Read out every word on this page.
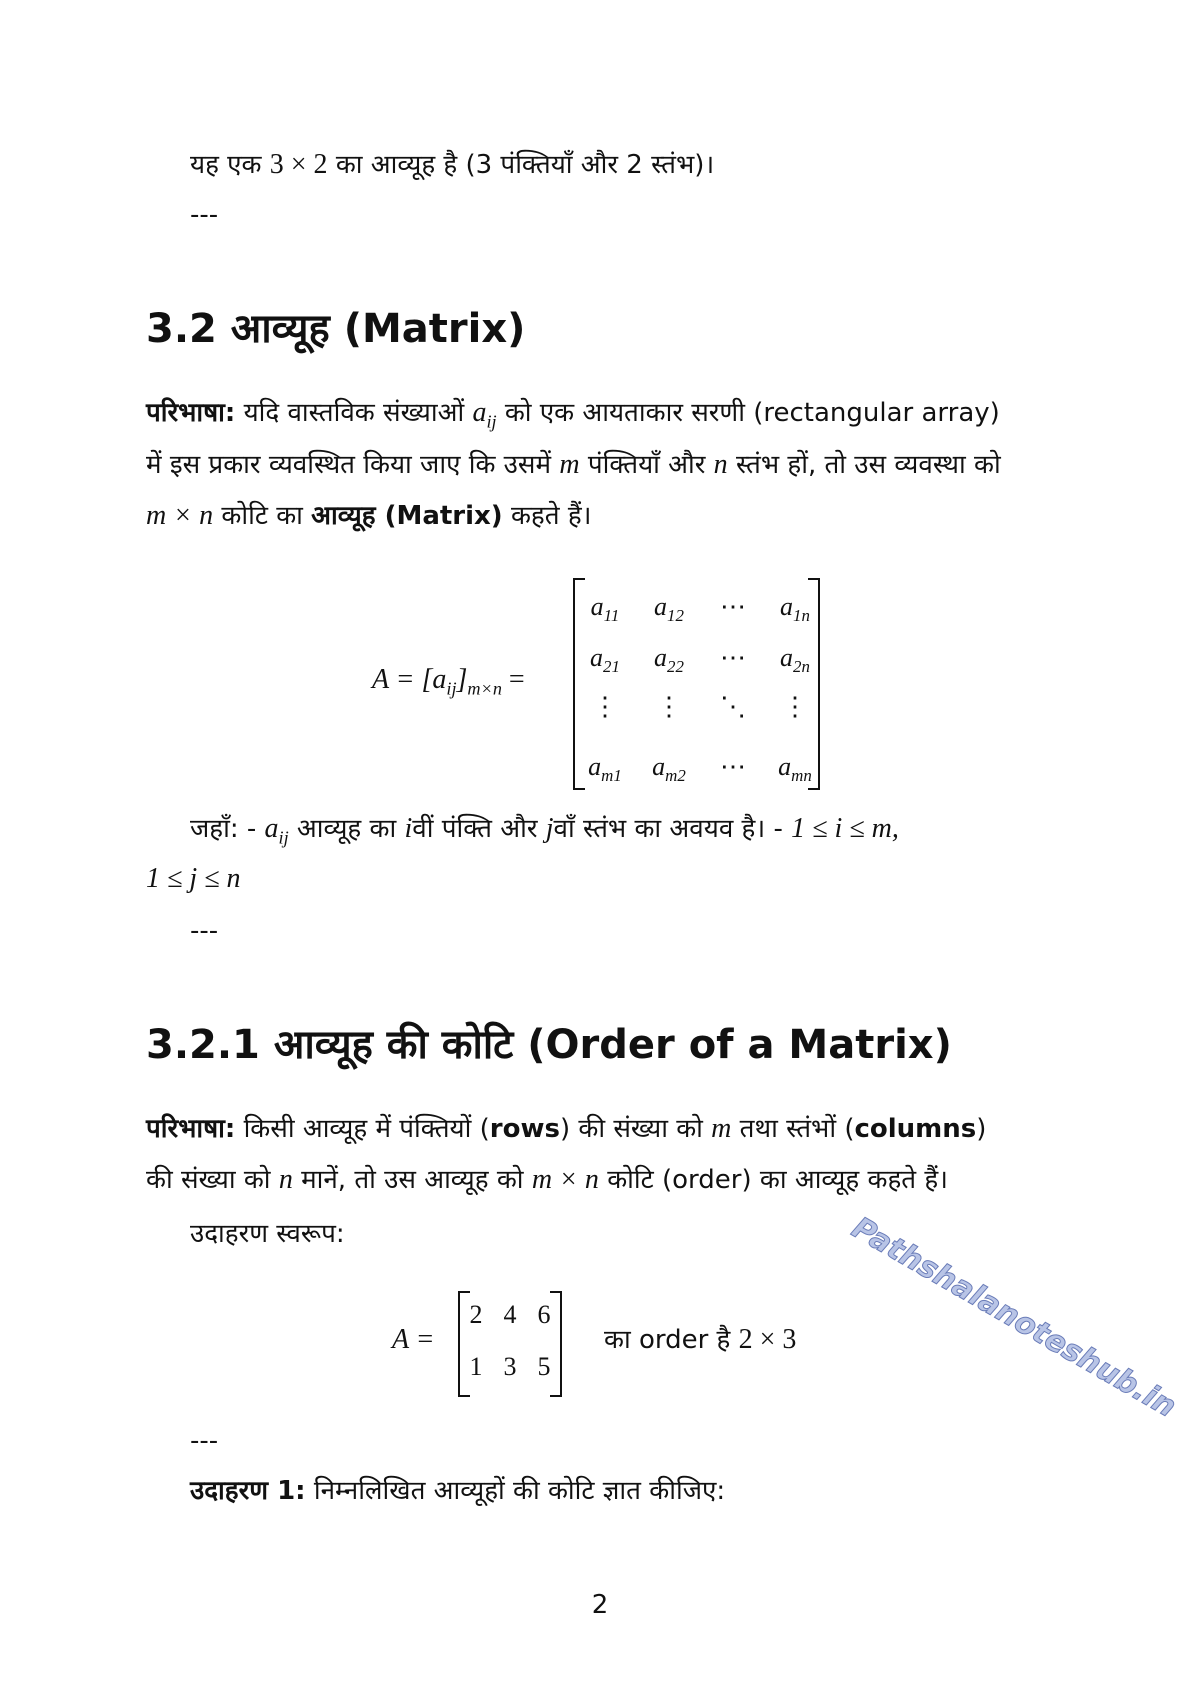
यह एक 3 × 2 का आव्यूह है (3 पंक्तियाँ और 2 स्तंभ)।
---
3.2 आव्यूह (Matrix)
परिभाषा: यदि वास्तविक संख्याओं $a_{ij}$ को एक आयताकार सरणी (rectangular array)
में इस प्रकार व्यवस्थित किया जाए कि उसमें m पंक्तियाँ और n स्तंभ हों, तो उस व्यवस्था को
m × n कोटि का आव्यूह (Matrix) कहते हैं।
$A = [a_{ij}]_{m\times n}$ =
$a_{11}$	$a_{12}$	⋯	$a_{1n}$
$a_{21}$	$a_{22}$	⋯	$a_{2n}$
⋮	⋮	⋱	⋮
$a_{m1}$	$a_{m2}$	⋯	$a_{mn}$
जहाँ: - $a_{ij}$ आव्यूह का iवीं पंक्ति और jवाँ स्तंभ का अवयव है। - 1 ≤ i ≤ m,
1 ≤ j ≤ n
---
3.2.1 आव्यूह की कोटि (Order of a Matrix)
परिभाषा: किसी आव्यूह में पंक्तियों (rows) की संख्या को m तथा स्तंभों (columns)
की संख्या को n मानें, तो उस आव्यूह को m × n कोटि (order) का आव्यूह कहते हैं।
उदाहरण स्वरूप:
A =
2 4 6
1 3 5
का order है 2 × 3
---
उदाहरण 1: निम्नलिखित आव्यूहों की कोटि ज्ञात कीजिए:
Pathshalanoteshub.in
2
